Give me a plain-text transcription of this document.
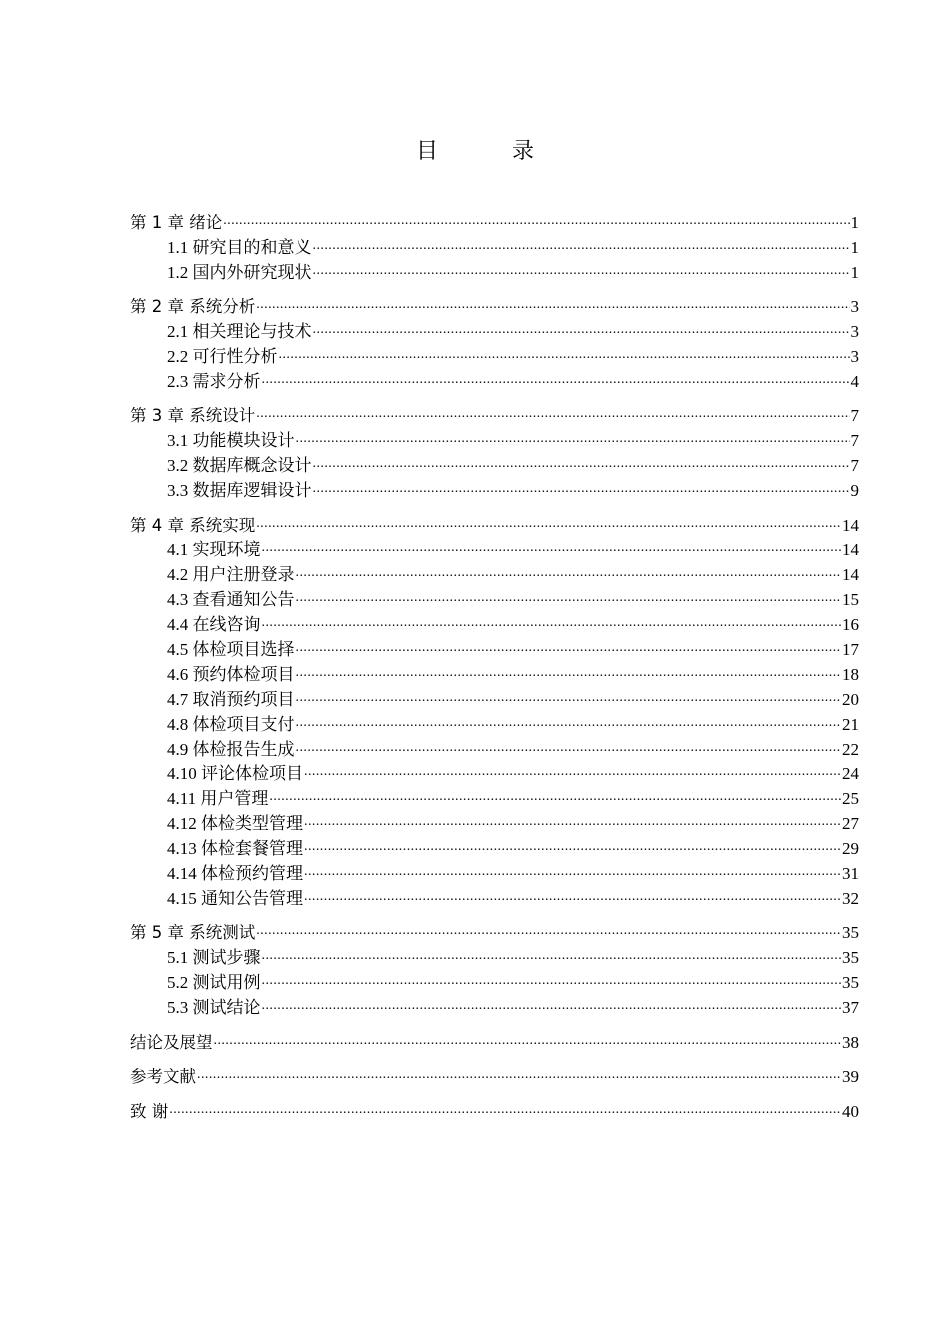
目　录
第 1 章 绪论 .....	1
1.1 研究目的和意义 .....	1
1.2 国内外研究现状 .....	1
第 2 章 系统分析 .....	3
2.1 相关理论与技术 .....	3
2.2 可行性分析 .....	3
2.3 需求分析 .....	4
第 3 章 系统设计 .....	7
3.1 功能模块设计 .....	7
3.2 数据库概念设计 .....	7
3.3 数据库逻辑设计 .....	9
第 4 章 系统实现 .....	14
4.1 实现环境 .....	14
4.2 用户注册登录 .....	14
4.3 查看通知公告 .....	15
4.4 在线咨询 .....	16
4.5 体检项目选择 .....	17
4.6 预约体检项目 .....	18
4.7 取消预约项目 .....	20
4.8 体检项目支付 .....	21
4.9 体检报告生成 .....	22
4.10 评论体检项目 .....	24
4.11 用户管理 .....	25
4.12 体检类型管理 .....	27
4.13 体检套餐管理 .....	29
4.14 体检预约管理 .....	31
4.15 通知公告管理 .....	32
第 5 章 系统测试 .....	35
5.1 测试步骤 .....	35
5.2 测试用例 .....	35
5.3 测试结论 .....	37
结论及展望 .....	38
参考文献 .....	39
致 谢 .....	40
